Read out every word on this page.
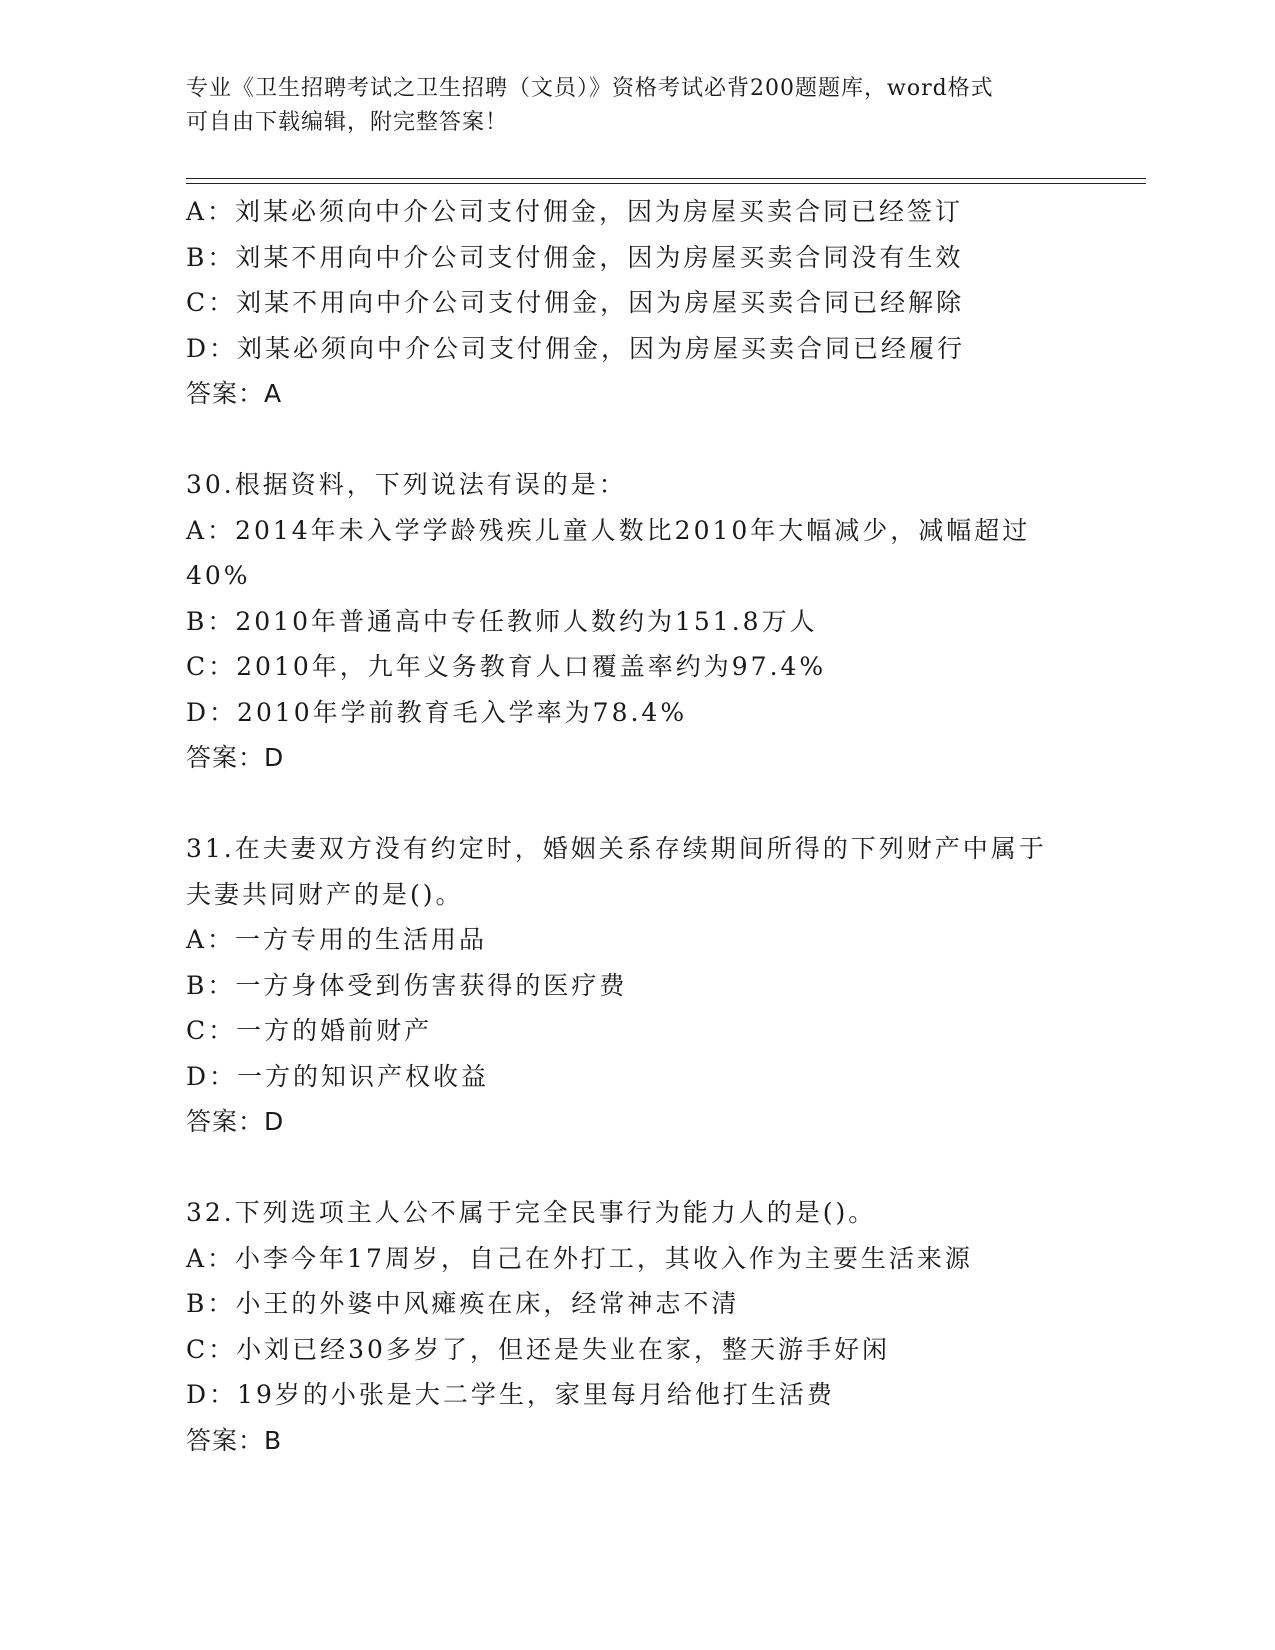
专业《卫生招聘考试之卫生招聘（文员）》资格考试必背200题题库，word格式
可自由下载编辑，附完整答案！
A：刘某必须向中介公司支付佣金，因为房屋买卖合同已经签订
B：刘某不用向中介公司支付佣金，因为房屋买卖合同没有生效
C：刘某不用向中介公司支付佣金，因为房屋买卖合同已经解除
D：刘某必须向中介公司支付佣金，因为房屋买卖合同已经履行
答案：A
30.根据资料，下列说法有误的是：
A：2014年未入学学龄残疾儿童人数比2010年大幅减少，减幅超过
40%
B：2010年普通高中专任教师人数约为151.8万人
C：2010年，九年义务教育人口覆盖率约为97.4%
D：2010年学前教育毛入学率为78.4%
答案：D
31.在夫妻双方没有约定时，婚姻关系存续期间所得的下列财产中属于
夫妻共同财产的是()。
A：一方专用的生活用品
B：一方身体受到伤害获得的医疗费
C：一方的婚前财产
D：一方的知识产权收益
答案：D
32.下列选项主人公不属于完全民事行为能力人的是()。
A：小李今年17周岁，自己在外打工，其收入作为主要生活来源
B：小王的外婆中风瘫痪在床，经常神志不清
C：小刘已经30多岁了，但还是失业在家，整天游手好闲
D：19岁的小张是大二学生，家里每月给他打生活费
答案：B
